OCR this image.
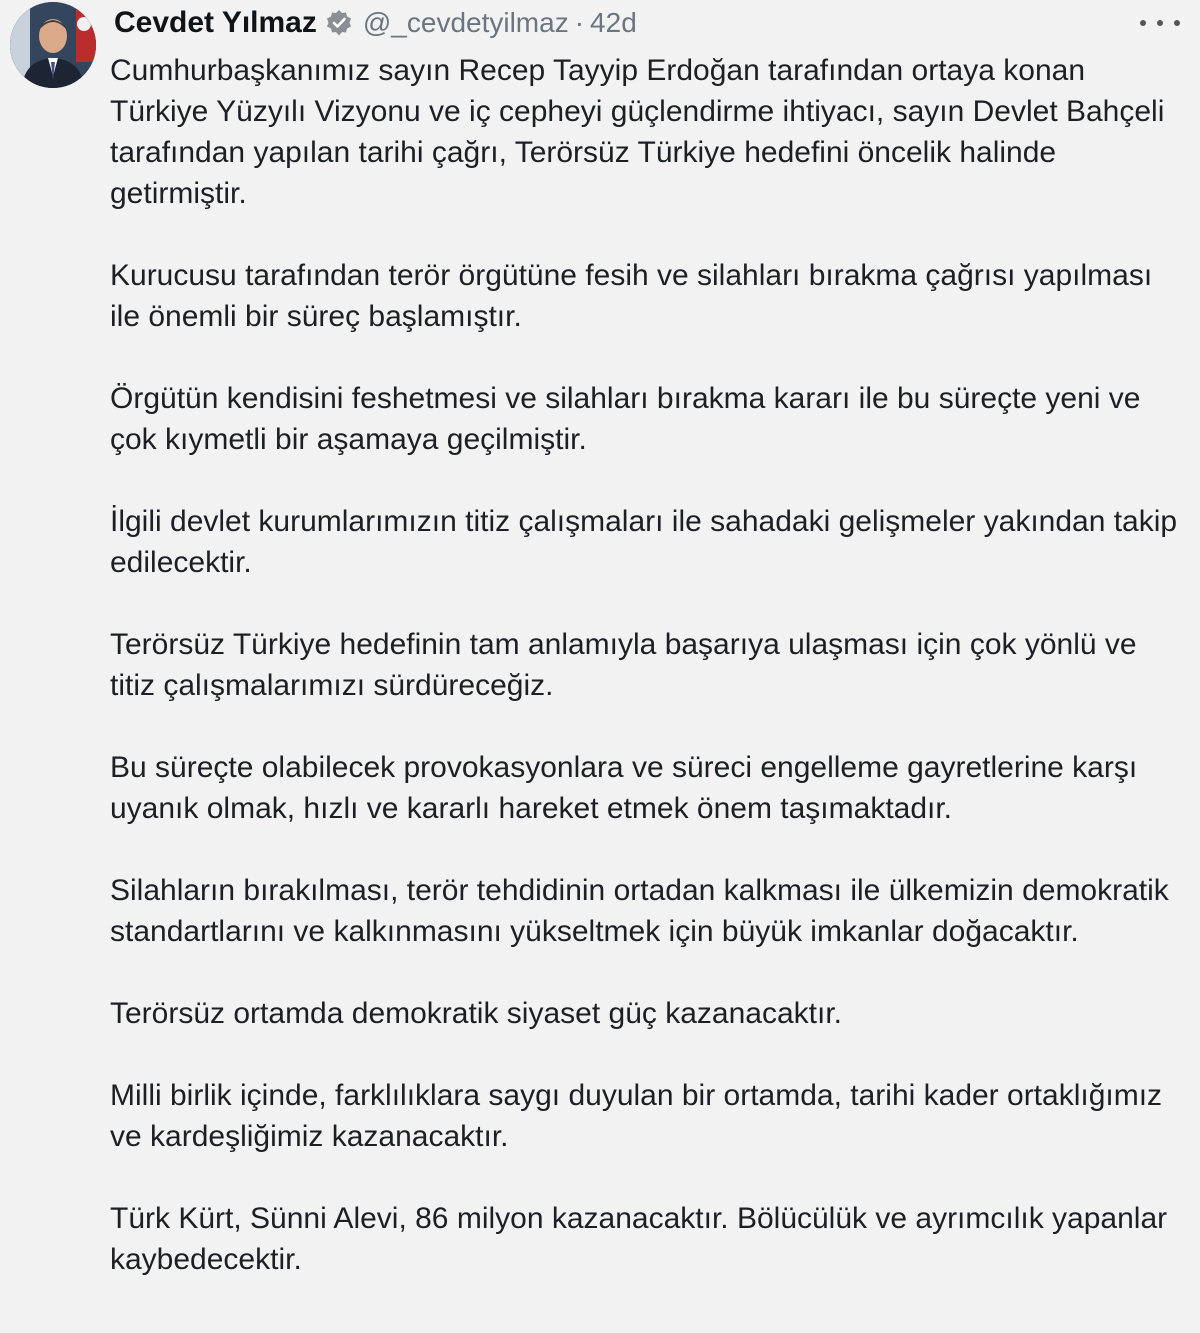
Cevdet Yılmaz @_cevdetyilmaz · 42d

Cumhurbaşkanımız sayın Recep Tayyip Erdoğan tarafından ortaya konan Türkiye Yüzyılı Vizyonu ve iç cepheyi güçlendirme ihtiyacı, sayın Devlet Bahçeli tarafından yapılan tarihi çağrı, Terörsüz Türkiye hedefini öncelik halinde getirmiştir.

Kurucusu tarafından terör örgütüne fesih ve silahları bırakma çağrısı yapılması ile önemli bir süreç başlamıştır.

Örgütün kendisini feshetmesi ve silahları bırakma kararı ile bu süreçte yeni ve çok kıymetli bir aşamaya geçilmiştir.

İlgili devlet kurumlarımızın titiz çalışmaları ile sahadaki gelişmeler yakından takip edilecektir.

Terörsüz Türkiye hedefinin tam anlamıyla başarıya ulaşması için çok yönlü ve titiz çalışmalarımızı sürdüreceğiz.

Bu süreçte olabilecek provokasyonlara ve süreci engelleme gayretlerine karşı uyanık olmak, hızlı ve kararlı hareket etmek önem taşımaktadır.

Silahların bırakılması, terör tehdidinin ortadan kalkması ile ülkemizin demokratik standartlarını ve kalkınmasını yükseltmek için büyük imkanlar doğacaktır.

Terörsüz ortamda demokratik siyaset güç kazanacaktır.

Milli birlik içinde, farklılıklara saygı duyulan bir ortamda, tarihi kader ortaklığımız ve kardeşliğimiz kazanacaktır.

Türk Kürt, Sünni Alevi, 86 milyon kazanacaktır. Bölücülük ve ayrımcılık yapanlar kaybedecektir.
